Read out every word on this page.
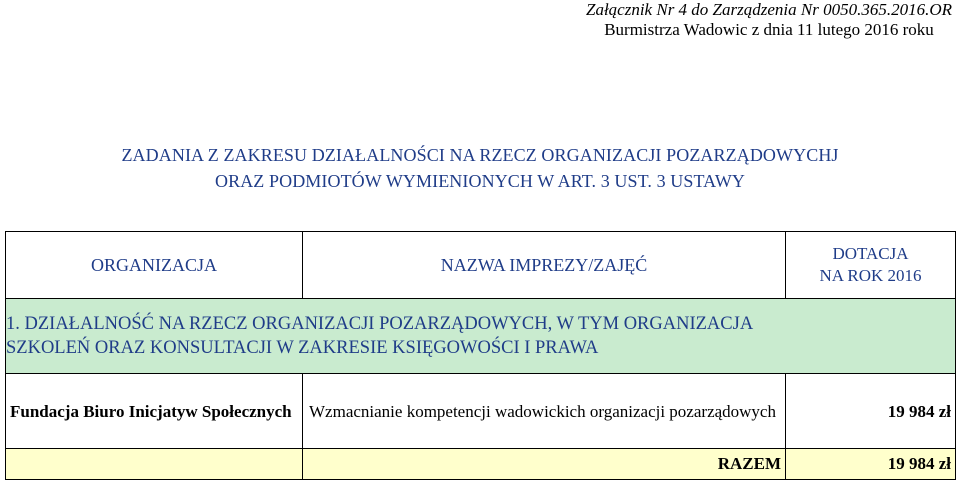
Załącznik Nr 4 do Zarządzenia Nr 0050.365.2016.OR
Burmistrza Wadowic z dnia 11 lutego 2016 roku
ZADANIA Z ZAKRESU DZIAŁALNOŚCI NA RZECZ ORGANIZACJI POZARZĄDOWYCHJ
ORAZ PODMIOTÓW WYMIENIONYCH W ART. 3 UST. 3 USTAWY
ORGANIZACJA	NAZWA IMPREZY/ZAJĘĆ	DOTACJA
NA ROK 2016

1. DZIAŁALNOŚĆ NA RZECZ ORGANIZACJI POZARZĄDOWYCH, W TYM ORGANIZACJA
SZKOLEŃ ORAZ KONSULTACJI W ZAKRESIE KSIĘGOWOŚCI I PRAWA		

Fundacja Biuro Inicjatyw Społecznych	Wzmacnianie kompetencji wadowickich organizacji pozarządowych	19 984 zł
	RAZEM	19 984 zł
